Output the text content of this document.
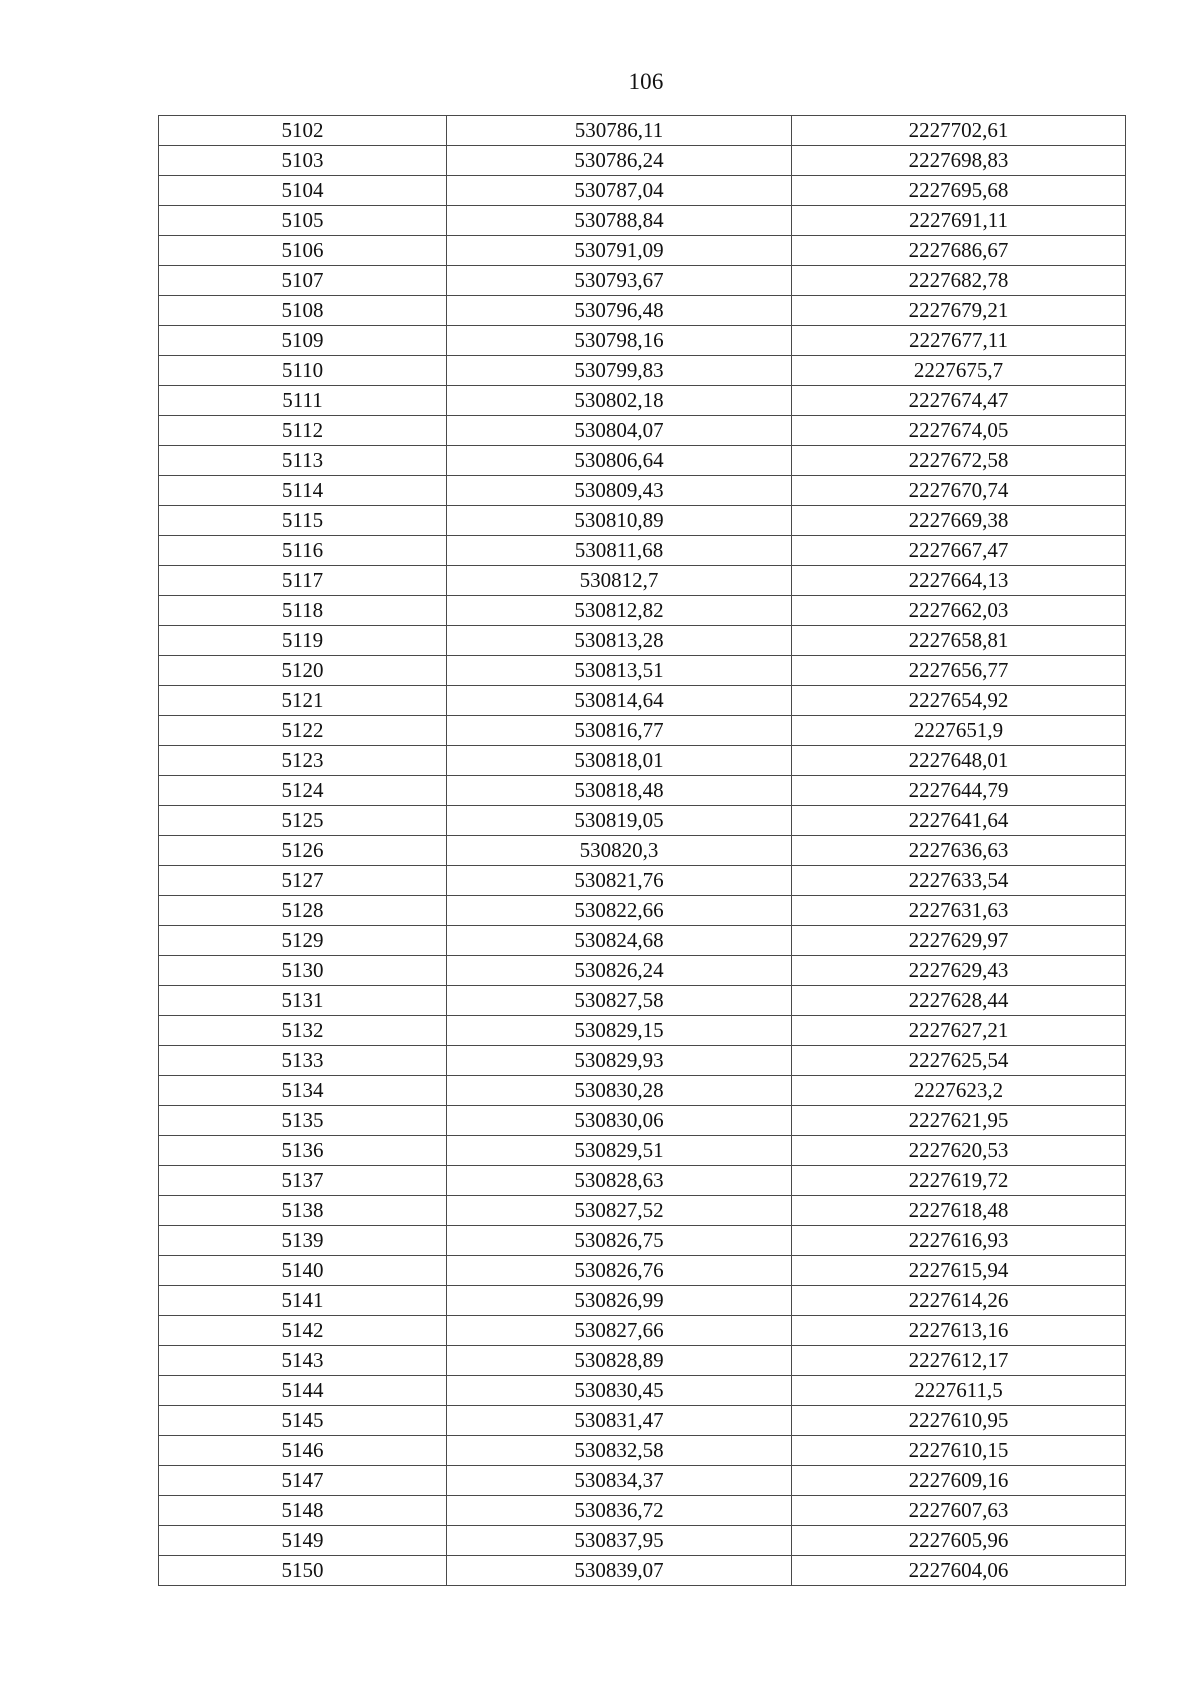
106
5102	530786,11	2227702,61
5103	530786,24	2227698,83
5104	530787,04	2227695,68
5105	530788,84	2227691,11
5106	530791,09	2227686,67
5107	530793,67	2227682,78
5108	530796,48	2227679,21
5109	530798,16	2227677,11
5110	530799,83	2227675,7
5111	530802,18	2227674,47
5112	530804,07	2227674,05
5113	530806,64	2227672,58
5114	530809,43	2227670,74
5115	530810,89	2227669,38
5116	530811,68	2227667,47
5117	530812,7	2227664,13
5118	530812,82	2227662,03
5119	530813,28	2227658,81
5120	530813,51	2227656,77
5121	530814,64	2227654,92
5122	530816,77	2227651,9
5123	530818,01	2227648,01
5124	530818,48	2227644,79
5125	530819,05	2227641,64
5126	530820,3	2227636,63
5127	530821,76	2227633,54
5128	530822,66	2227631,63
5129	530824,68	2227629,97
5130	530826,24	2227629,43
5131	530827,58	2227628,44
5132	530829,15	2227627,21
5133	530829,93	2227625,54
5134	530830,28	2227623,2
5135	530830,06	2227621,95
5136	530829,51	2227620,53
5137	530828,63	2227619,72
5138	530827,52	2227618,48
5139	530826,75	2227616,93
5140	530826,76	2227615,94
5141	530826,99	2227614,26
5142	530827,66	2227613,16
5143	530828,89	2227612,17
5144	530830,45	2227611,5
5145	530831,47	2227610,95
5146	530832,58	2227610,15
5147	530834,37	2227609,16
5148	530836,72	2227607,63
5149	530837,95	2227605,96
5150	530839,07	2227604,06
